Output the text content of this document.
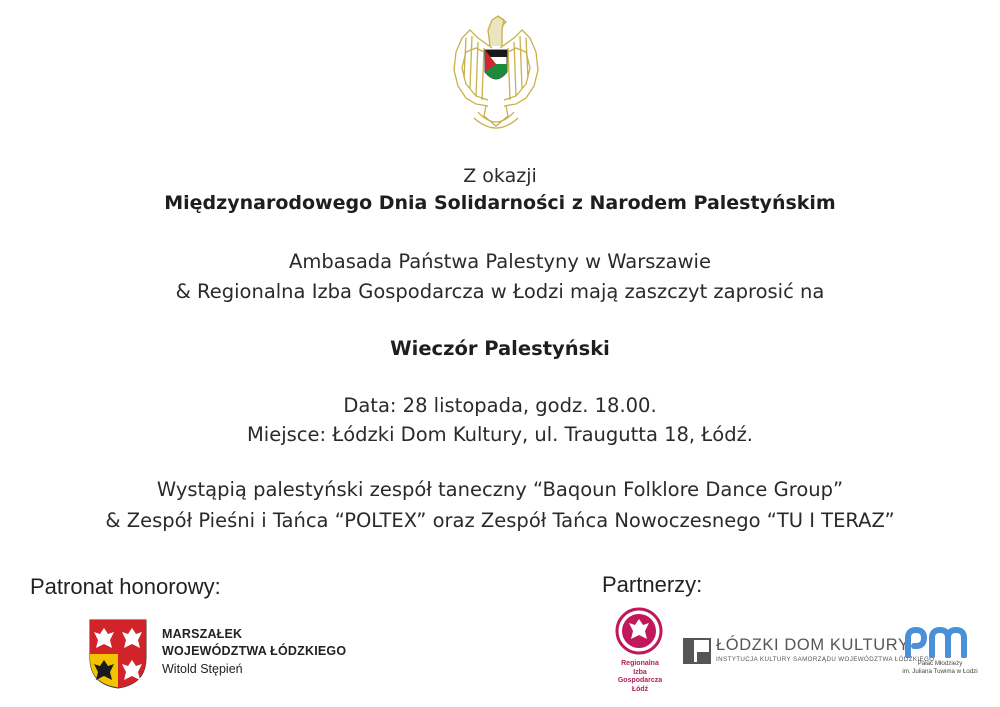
Z okazji
Międzynarodowego Dnia Solidarności z Narodem Palestyńskim
Ambasada Państwa Palestyny w Warszawie
& Regionalna Izba Gospodarcza w Łodzi mają zaszczyt zaprosić na
Wieczór Palestyński
Data: 28 listopada, godz. 18.00.
Miejsce: Łódzki Dom Kultury, ul. Traugutta 18, Łódź.
Wystąpią palestyński zespół taneczny “Baqoun Folklore Dance Group”
& Zespół Pieśni i Tańca “POLTEX” oraz Zespół Tańca Nowoczesnego “TU I TERAZ”
Patronat honorowy:	Partnerzy:
MARSZAŁEK
WOJEWÓDZTWA ŁÓDZKIEGO
Witold Stępień	Regionalna
Izba
Gospodarcza
Łódź
ŁÓDZKI DOM KULTURY
INSTYTUCJA KULTURY SAMORZĄDU WOJEWÓDZTWA ŁÓDZKIEGO
Pałac Młodzieży
im. Juliana Tuwima w Łodzi
